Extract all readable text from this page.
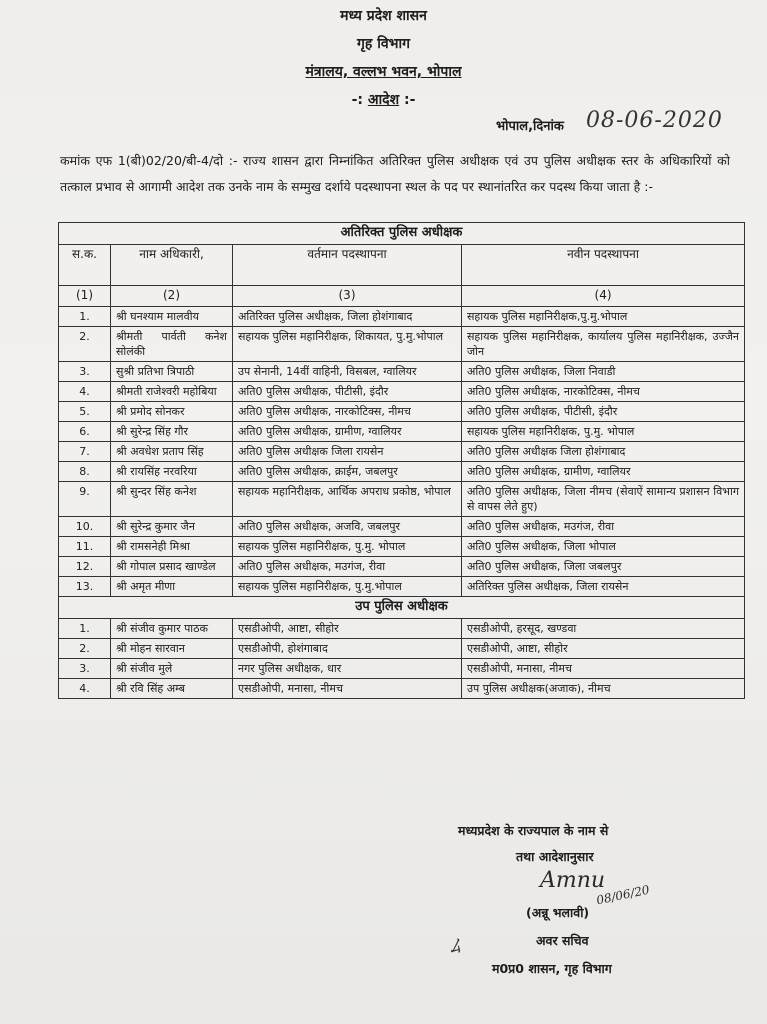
मध्य प्रदेश शासन
गृह विभाग
मंत्रालय, वल्लभ भवन, भोपाल
-: आदेश :-
भोपाल,दिनांक 08-06-2020
कमांक एफ 1(बी)02/20/बी-4/दो :- राज्य शासन द्वारा निम्नांकित अतिरिक्त पुलिस अधीक्षक एवं उप पुलिस अधीक्षक स्तर के अधिकारियों को तत्काल प्रभाव से आगामी आदेश तक उनके नाम के सम्मुख दर्शाये पदस्थापना स्थल के पद पर स्थानांतरित कर पदस्थ किया जाता है :-
अतिरिक्त पुलिस अधीक्षक			
स.क.	नाम अधिकारी,	वर्तमान पदस्थापना	नवीन पदस्थापना
(1)	(2)	(3)	(4)
1.	श्री घनश्याम मालवीय	अतिरिक्त पुलिस अधीक्षक, जिला होशंगाबाद	सहायक पुलिस महानिरीक्षक,पु.मु.भोपाल
2.	श्रीमती पार्वती कनेश सोलंकी	सहायक पुलिस महानिरीक्षक, शिकायत, पु.मु.भोपाल	सहायक पुलिस महानिरीक्षक, कार्यालय पुलिस महानिरीक्षक, उज्जैन जोन
3.	सुश्री प्रतिभा त्रिपाठी	उप सेनानी, 14वीं वाहिनी, विसबल, ग्वालियर	अति0 पुलिस अधीक्षक, जिला निवाडी
4.	श्रीमती राजेश्वरी महोबिया	अति0 पुलिस अधीक्षक, पीटीसी, इंदौर	अति0 पुलिस अधीक्षक, नारकोटिक्स, नीमच
5.	श्री प्रमोद सोनकर	अति0 पुलिस अधीक्षक, नारकोटिक्स, नीमच	अति0 पुलिस अधीक्षक, पीटीसी, इंदौर
6.	श्री सुरेन्द्र सिंह गौर	अति0 पुलिस अधीक्षक, ग्रामीण, ग्वालियर	सहायक पुलिस महानिरीक्षक, पु.मु. भोपाल
7.	श्री अवधेश प्रताप सिंह	अति0 पुलिस अधीक्षक जिला रायसेन	अति0 पुलिस अधीक्षक जिला होशंगाबाद
8.	श्री रायसिंह नरवरिया	अति0 पुलिस अधीक्षक, क्राईम, जबलपुर	अति0 पुलिस अधीक्षक, ग्रामीण, ग्वालियर
9.	श्री सुन्दर सिंह कनेश	सहायक महानिरीक्षक, आर्थिक अपराध प्रकोष्ठ, भोपाल	अति0 पुलिस अधीक्षक, जिला नीमच (सेवाऐं सामान्य प्रशासन विभाग से वापस लेते हुए)
10.	श्री सुरेन्द्र कुमार जैन	अति0 पुलिस अधीक्षक, अजवि, जबलपुर	अति0 पुलिस अधीक्षक, मउगंज, रीवा
11.	श्री रामसनेही मिश्रा	सहायक पुलिस महानिरीक्षक, पु.मु. भोपाल	अति0 पुलिस अधीक्षक, जिला भोपाल
12.	श्री गोपाल प्रसाद खाण्डेल	अति0 पुलिस अधीक्षक, मउगंज, रीवा	अति0 पुलिस अधीक्षक, जिला जबलपुर
13.	श्री अमृत मीणा	सहायक पुलिस महानिरीक्षक, पु.मु.भोपाल	अतिरिक्त पुलिस अधीक्षक, जिला रायसेन
उप पुलिस अधीक्षक			
1.	श्री संजीव कुमार पाठक	एसडीओपी, आष्टा, सीहोर	एसडीओपी, हरसूद, खण्डवा
2.	श्री मोहन सारवान	एसडीओपी, होशंगाबाद	एसडीओपी, आष्टा, सीहोर
3.	श्री संजीव मुले	नगर पुलिस अधीक्षक, धार	एसडीओपी, मनासा, नीमच
4.	श्री रवि सिंह अम्ब	एसडीओपी, मनासा, नीमच	उप पुलिस अधीक्षक(अजाक), नीमच
मध्यप्रदेश के राज्यपाल के नाम से
तथा आदेशानुसार
Amnu
08/06/20
(अन्नू भलावी)
ﾑ	अवर सचिव
म0प्र0 शासन, गृह विभाग
